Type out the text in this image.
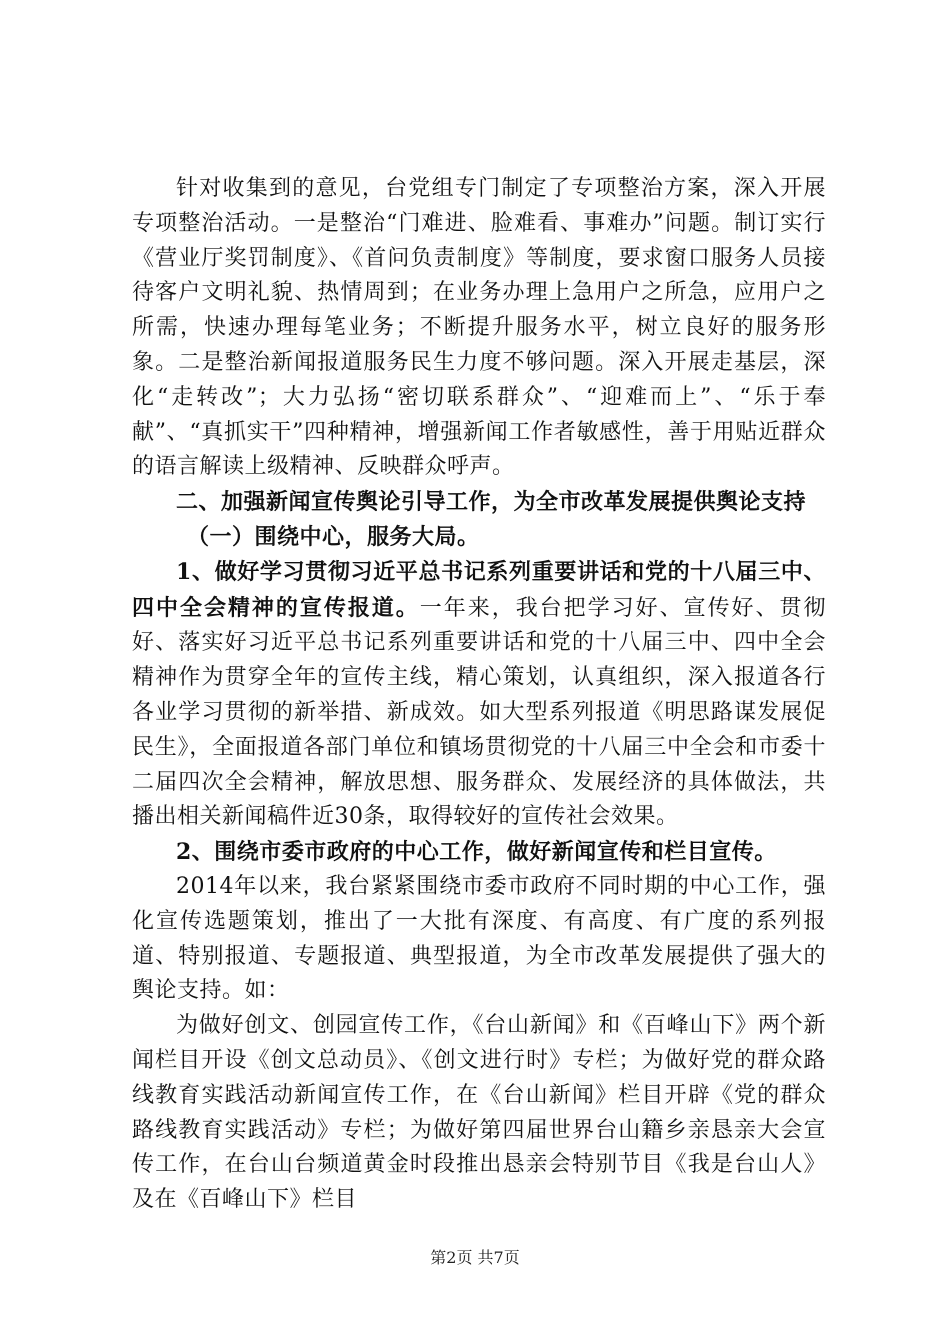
针对收集到的意见，台党组专门制定了专项整治方案，深入开展专项整治活动。一是整治“门难进、脸难看、事难办”问题。制订实行《营业厅奖罚制度》、《首问负责制度》等制度，要求窗口服务人员接待客户文明礼貌、热情周到；在业务办理上急用户之所急，应用户之所需，快速办理每笔业务；不断提升服务水平，树立良好的服务形象。二是整治新闻报道服务民生力度不够问题。深入开展走基层，深化“走转改”；大力弘扬“密切联系群众”、“迎难而上”、“乐于奉献”、“真抓实干”四种精神，增强新闻工作者敏感性，善于用贴近群众的语言解读上级精神、反映群众呼声。

二、加强新闻宣传舆论引导工作，为全市改革发展提供舆论支持

（一）围绕中心，服务大局。

1、做好学习贯彻习近平总书记系列重要讲话和党的十八届三中、四中全会精神的宣传报道。一年来，我台把学习好、宣传好、贯彻好、落实好习近平总书记系列重要讲话和党的十八届三中、四中全会精神作为贯穿全年的宣传主线，精心策划，认真组织，深入报道各行各业学习贯彻的新举措、新成效。如大型系列报道《明思路谋发展促民生》，全面报道各部门单位和镇场贯彻党的十八届三中全会和市委十二届四次全会精神，解放思想、服务群众、发展经济的具体做法，共播出相关新闻稿件近30条，取得较好的宣传社会效果。

2、围绕市委市政府的中心工作，做好新闻宣传和栏目宣传。

2014年以来，我台紧紧围绕市委市政府不同时期的中心工作，强化宣传选题策划，推出了一大批有深度、有高度、有广度的系列报道、特别报道、专题报道、典型报道，为全市改革发展提供了强大的舆论支持。如：

为做好创文、创园宣传工作，《台山新闻》和《百峰山下》两个新闻栏目开设《创文总动员》、《创文进行时》专栏；为做好党的群众路线教育实践活动新闻宣传工作，在《台山新闻》栏目开辟《党的群众路线教育实践活动》专栏；为做好第四届世界台山籍乡亲恳亲大会宣传工作，在台山台频道黄金时段推出恳亲会特别节目《我是台山人》及在《百峰山下》栏目

第2页 共7页
